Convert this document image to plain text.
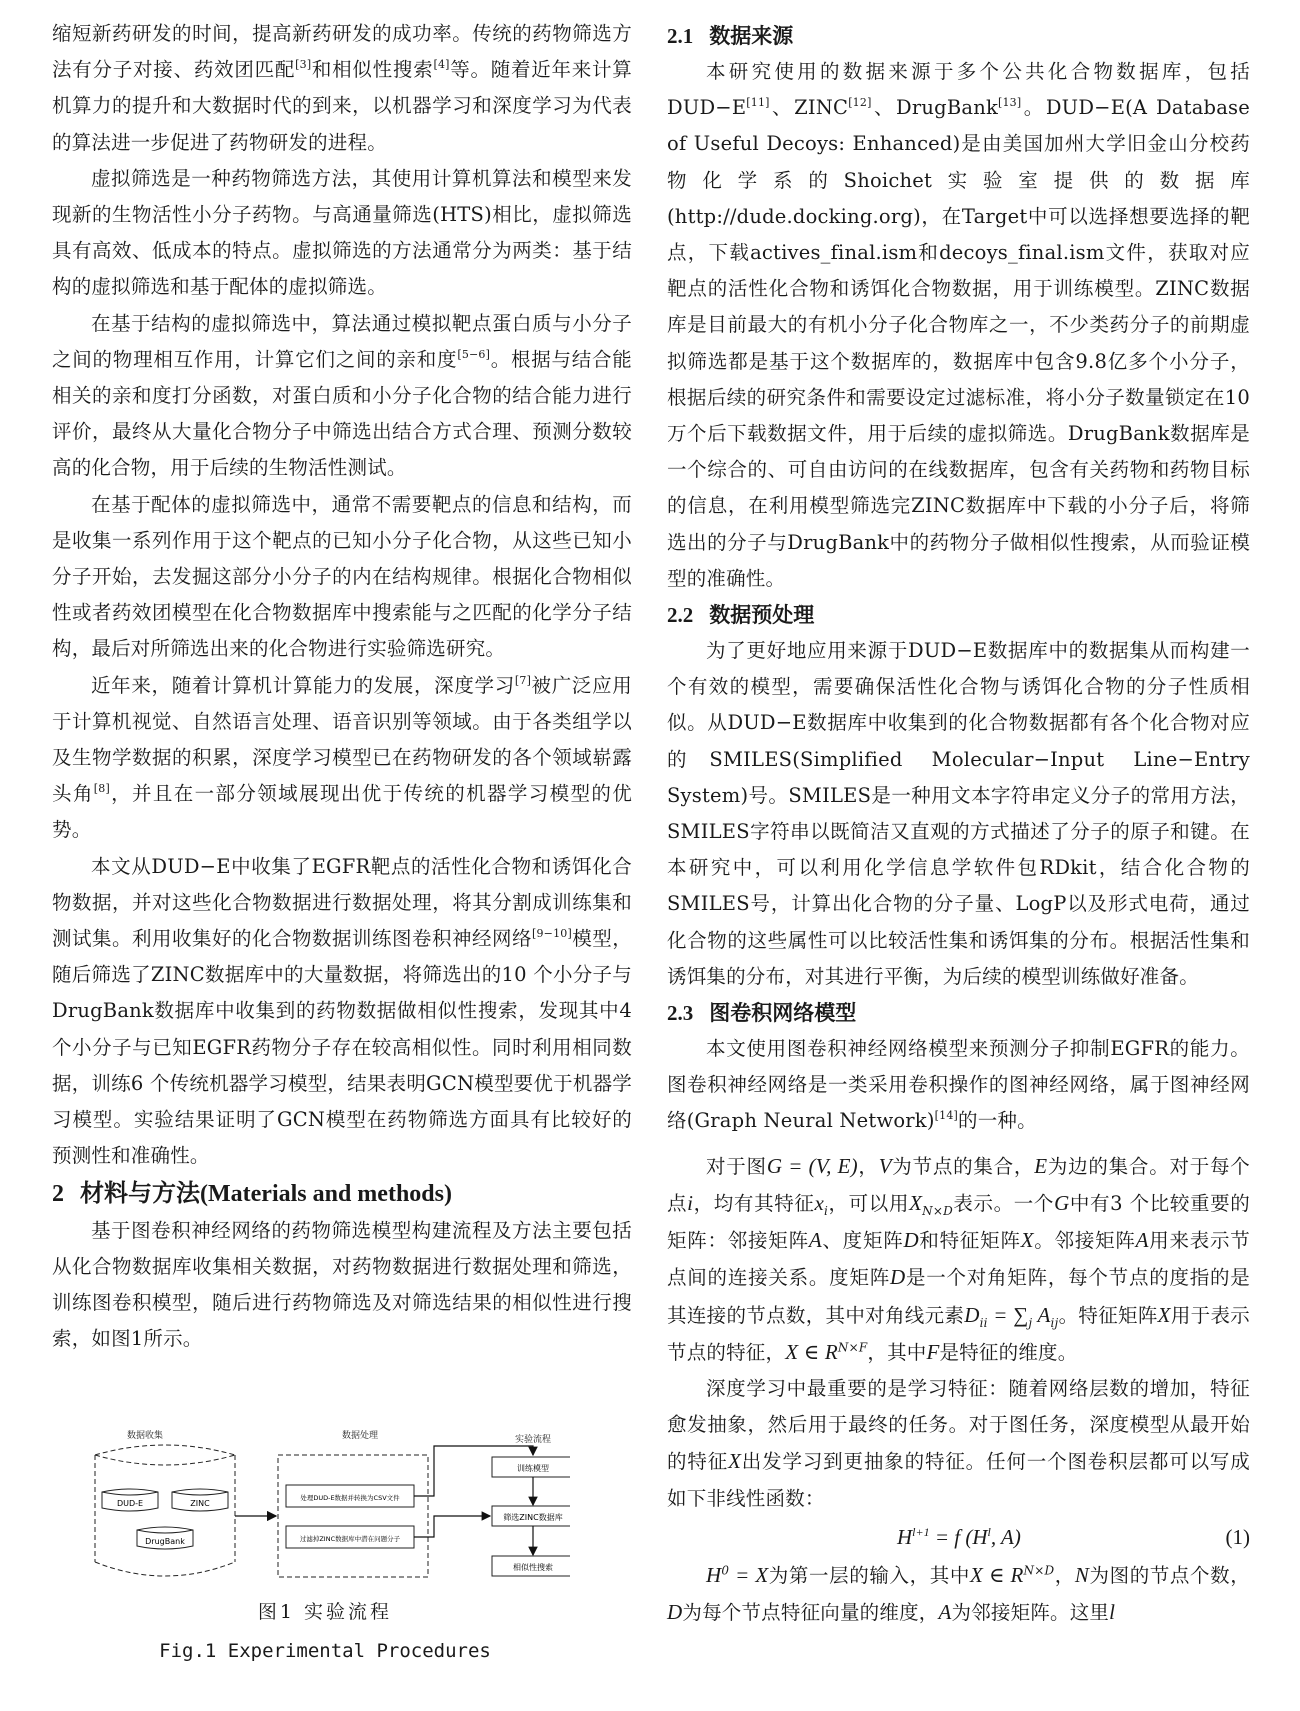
缩短新药研发的时间，提高新药研发的成功率。传统的药物筛选方法有分子对接、药效团匹配[3]和相似性搜索[4]等。随着近年来计算机算力的提升和大数据时代的到来，以机器学习和深度学习为代表的算法进一步促进了药物研发的进程。

虚拟筛选是一种药物筛选方法，其使用计算机算法和模型来发现新的生物活性小分子药物。与高通量筛选(HTS)相比，虚拟筛选具有高效、低成本的特点。虚拟筛选的方法通常分为两类：基于结构的虚拟筛选和基于配体的虚拟筛选。

在基于结构的虚拟筛选中，算法通过模拟靶点蛋白质与小分子之间的物理相互作用，计算它们之间的亲和度[5−6]。根据与结合能相关的亲和度打分函数，对蛋白质和小分子化合物的结合能力进行评价，最终从大量化合物分子中筛选出结合方式合理、预测分数较高的化合物，用于后续的生物活性测试。

在基于配体的虚拟筛选中，通常不需要靶点的信息和结构，而是收集一系列作用于这个靶点的已知小分子化合物，从这些已知小分子开始，去发掘这部分小分子的内在结构规律。根据化合物相似性或者药效团模型在化合物数据库中搜索能与之匹配的化学分子结构，最后对所筛选出来的化合物进行实验筛选研究。

近年来，随着计算机计算能力的发展，深度学习[7]被广泛应用于计算机视觉、自然语言处理、语音识别等领域。由于各类组学以及生物学数据的积累，深度学习模型已在药物研发的各个领域崭露头角[8]，并且在一部分领域展现出优于传统的机器学习模型的优势。

本文从DUD−E中收集了EGFR靶点的活性化合物和诱饵化合物数据，并对这些化合物数据进行数据处理，将其分割成训练集和测试集。利用收集好的化合物数据训练图卷积神经网络[9−10]模型，随后筛选了ZINC数据库中的大量数据，将筛选出的10 个小分子与DrugBank数据库中收集到的药物数据做相似性搜索，发现其中4 个小分子与已知EGFR药物分子存在较高相似性。同时利用相同数据，训练6 个传统机器学习模型，结果表明GCN模型要优于机器学习模型。实验结果证明了GCN模型在药物筛选方面具有比较好的预测性和准确性。

2 材料与方法(Materials and methods)

基于图卷积神经网络的药物筛选模型构建流程及方法主要包括从化合物数据库收集相关数据，对药物数据进行数据处理和筛选，训练图卷积模型，随后进行药物筛选及对筛选结果的相似性进行搜索，如图1所示。

数据收集	数据处理	实验流程
DUD-E	ZINC
DrugBank
处理DUD-E数据并转换为CSV文件
过滤掉ZINC数据库中潜在问题分子
训练模型
筛选ZINC数据库
相似性搜索
图1 实验流程
Fig.1 Experimental Procedures
2.1 数据来源

本研究使用的数据来源于多个公共化合物数据库，包括DUD−E[11]、ZINC[12]、DrugBank[13]。DUD−E(A Database of Useful Decoys: Enhanced)是由美国加州大学旧金山分校药物化学系的Shoichet实验室提供的数据库(http://dude.docking.org)，在Target中可以选择想要选择的靶点，下载actives_final.ism和decoys_final.ism文件，获取对应靶点的活性化合物和诱饵化合物数据，用于训练模型。ZINC数据库是目前最大的有机小分子化合物库之一，不少类药分子的前期虚拟筛选都是基于这个数据库的，数据库中包含9.8亿多个小分子，根据后续的研究条件和需要设定过滤标准，将小分子数量锁定在10万个后下载数据文件，用于后续的虚拟筛选。DrugBank数据库是一个综合的、可自由访问的在线数据库，包含有关药物和药物目标的信息，在利用模型筛选完ZINC数据库中下载的小分子后，将筛选出的分子与DrugBank中的药物分子做相似性搜索，从而验证模型的准确性。

2.2 数据预处理

为了更好地应用来源于DUD−E数据库中的数据集从而构建一个有效的模型，需要确保活性化合物与诱饵化合物的分子性质相似。从DUD−E数据库中收集到的化合物数据都有各个化合物对应的SMILES(Simplified Molecular−Input Line−Entry System)号。SMILES是一种用文本字符串定义分子的常用方法，SMILES字符串以既简洁又直观的方式描述了分子的原子和键。在本研究中，可以利用化学信息学软件包RDkit，结合化合物的SMILES号，计算出化合物的分子量、LogP以及形式电荷，通过化合物的这些属性可以比较活性集和诱饵集的分布。根据活性集和诱饵集的分布，对其进行平衡，为后续的模型训练做好准备。

2.3 图卷积网络模型

本文使用图卷积神经网络模型来预测分子抑制EGFR的能力。图卷积神经网络是一类采用卷积操作的图神经网络，属于图神经网络(Graph Neural Network)[14]的一种。

对于图G = (V, E)，V为节点的集合，E为边的集合。对于每个点i，均有其特征$x_i$，可以用$X_{N\times D}$表示。一个G中有3 个比较重要的矩阵：邻接矩阵A、度矩阵D和特征矩阵X。邻接矩阵A用来表示节点间的连接关系。度矩阵D是一个对角矩阵，每个节点的度指的是其连接的节点数，其中对角线元素$D_{ii} = \sum_j$ $A_{ij}$。特征矩阵X用于表示节点的特征，X ∈ $R^{N\times F}$，其中F是特征的维度。

深度学习中最重要的是学习特征：随着网络层数的增加，特征愈发抽象，然后用于最终的任务。对于图任务，深度模型从最开始的特征X出发学习到更抽象的特征。任何一个图卷积层都可以写成如下非线性函数：

$H^{l+1} = f$ ($H^l$, A)	(1)

$H^0 = X$为第一层的输入，其中X ∈ $R^{N\times D}$，N为图的节点个数，D为每个节点特征向量的维度，A为邻接矩阵。这里l
